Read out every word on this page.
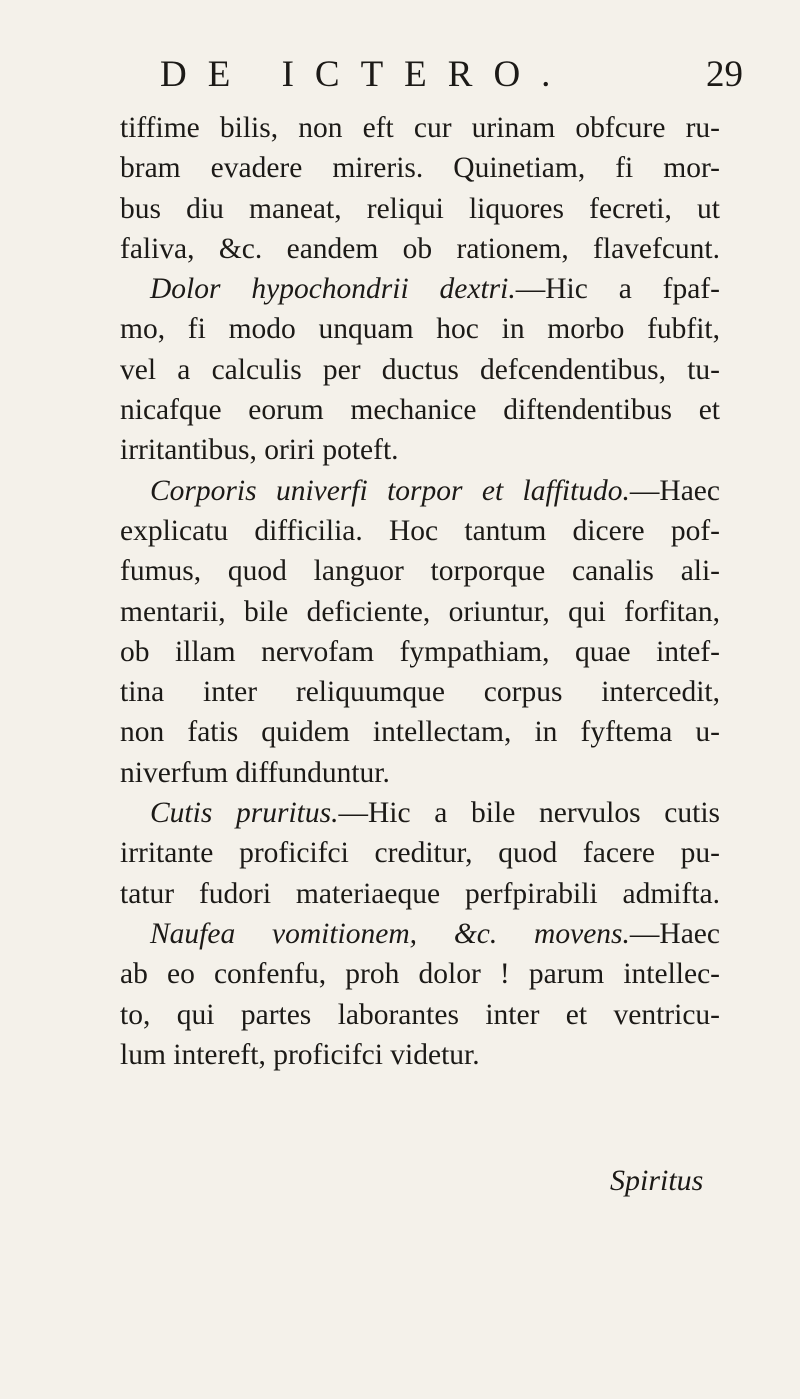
DE ICTERO.	29
tiffime bilis, non eft cur urinam obfcure ru-
bram evadere mireris. Quinetiam, fi mor-
bus diu maneat, reliqui liquores fecreti, ut
faliva, &c. eandem ob rationem, flavefcunt.
Dolor hypochondrii dextri.—Hic a fpaf-
mo, fi modo unquam hoc in morbo fubfit,
vel a calculis per ductus defcendentibus, tu-
nicafque eorum mechanice diftendentibus et
irritantibus, oriri poteft.
Corporis univerfi torpor et laffitudo.—Haec
explicatu difficilia. Hoc tantum dicere pof-
fumus, quod languor torporque canalis ali-
mentarii, bile deficiente, oriuntur, qui forfitan,
ob illam nervofam fympathiam, quae intef-
tina inter reliquumque corpus intercedit,
non fatis quidem intellectam, in fyftema u-
niverfum diffunduntur.
Cutis pruritus.—Hic a bile nervulos cutis
irritante proficifci creditur, quod facere pu-
tatur fudori materiaeque perfpirabili admifta.
Naufea vomitionem, &c. movens.—Haec
ab eo confenfu, proh dolor ! parum intellec-
to, qui partes laborantes inter et ventricu-
lum intereft, proficifci videtur.
Spiritus
